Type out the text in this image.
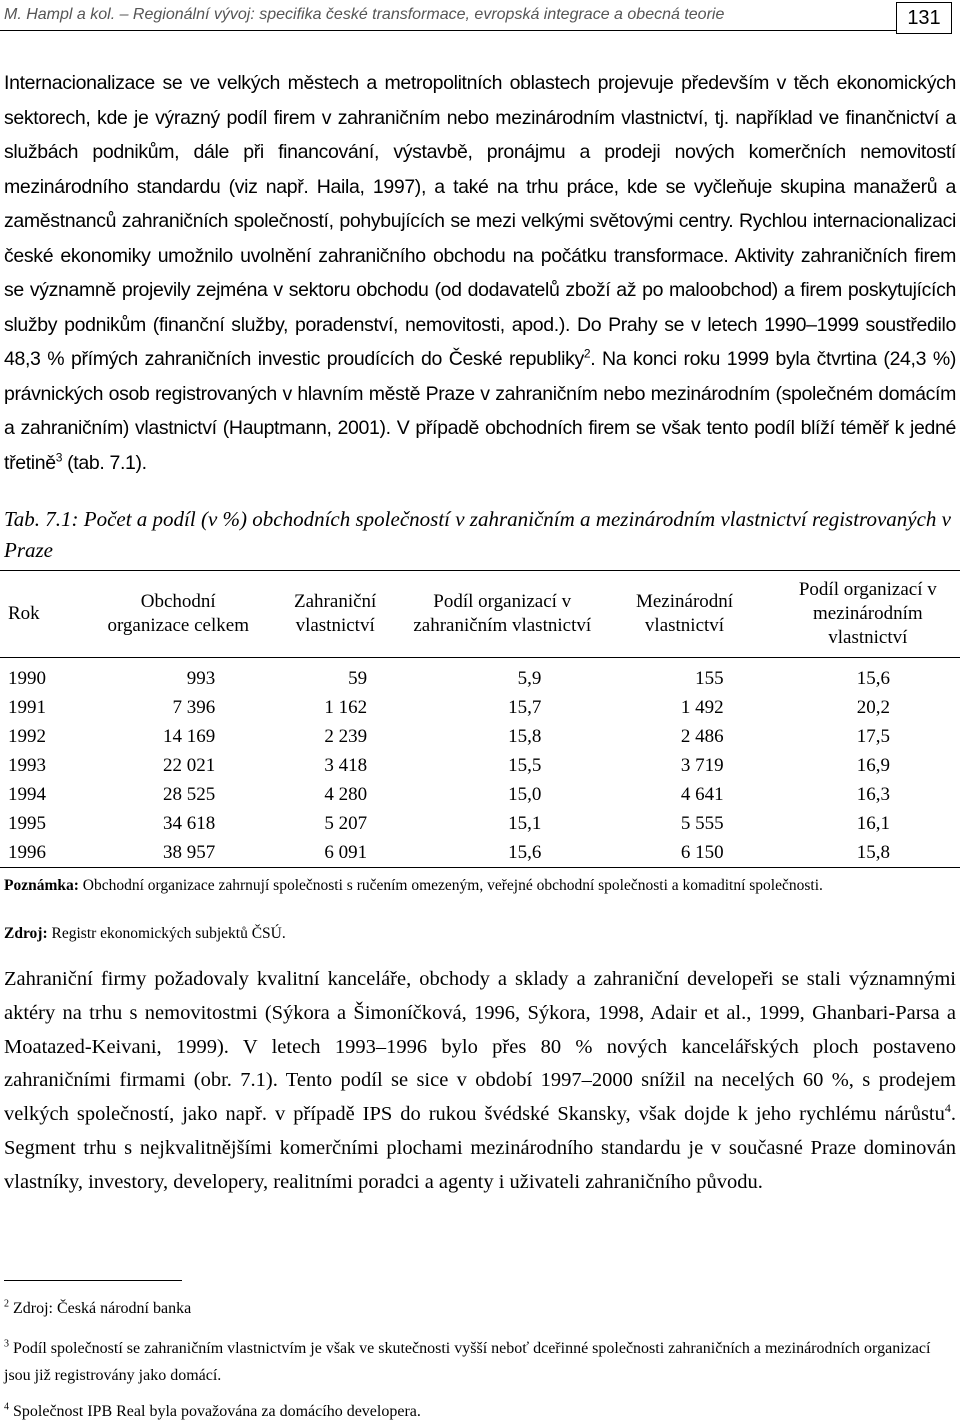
M. Hampl a kol. – Regionální vývoj: specifika české transformace, evropská integrace a obecná teorie	131

Internacionalizace se ve velkých městech a metropolitních oblastech projevuje především v těch ekonomických sektorech, kde je výrazný podíl firem v zahraničním nebo mezinárodním vlastnictví, tj. například ve finančnictví a službách podnikům, dále při financování, výstavbě, pronájmu a prodeji nových komerčních nemovitostí mezinárodního standardu (viz např. Haila, 1997), a také na trhu práce, kde se vyčleňuje skupina manažerů a zaměstnanců zahraničních společností, pohybujících se mezi velkými světovými centry. Rychlou internacionalizaci české ekonomiky umožnilo uvolnění zahraničního obchodu na počátku transformace. Aktivity zahraničních firem se významně projevily zejména v sektoru obchodu (od dodavatelů zboží až po maloobchod) a firem poskytujících služby podnikům (finanční služby, poradenství, nemovitosti, apod.). Do Prahy se v letech 1990–1999 soustředilo 48,3 % přímých zahraničních investic proudících do České republiky$^2$. Na konci roku 1999 byla čtvrtina (24,3 %) právnických osob registrovaných v hlavním městě Praze v zahraničním nebo mezinárodním (společném domácím a zahraničním) vlastnictví (Hauptmann, 2001). V případě obchodních firem se však tento podíl blíží téměř k jedné třetině$^3$ (tab. 7.1).

Tab. 7.1: Počet a podíl (v %) obchodních společností v zahraničním a mezinárodním vlastnictví registrovaných v Praze

Rok	Obchodní organizace celkem	Zahraniční vlastnictví	Podíl organizací v zahraničním vlastnictví	Mezinárodní vlastnictví	Podíl organizací v mezinárodním vlastnictví
1990	993	59	5,9	155	15,6
1991	7 396	1 162	15,7	1 492	20,2
1992	14 169	2 239	15,8	2 486	17,5
1993	22 021	3 418	15,5	3 719	16,9
1994	28 525	4 280	15,0	4 641	16,3
1995	34 618	5 207	15,1	5 555	16,1
1996	38 957	6 091	15,6	6 150	15,8

Poznámka: Obchodní organizace zahrnují společnosti s ručením omezeným, veřejné obchodní společnosti a komaditní společnosti.

Zdroj: Registr ekonomických subjektů ČSÚ.

Zahraniční firmy požadovaly kvalitní kanceláře, obchody a sklady a zahraniční developeři se stali významnými aktéry na trhu s nemovitostmi (Sýkora a Šimoníčková, 1996, Sýkora, 1998, Adair et al., 1999, Ghanbari-Parsa a Moatazed-Keivani, 1999). V letech 1993–1996 bylo přes 80 % nových kancelářských ploch postaveno zahraničními firmami (obr. 7.1). Tento podíl se sice v období 1997–2000 snížil na necelých 60 %, s prodejem velkých společností, jako např. v případě IPS do rukou švédské Skansky, však dojde k jeho rychlému nárůstu$^4$. Segment trhu s nejkvalitnějšími komerčními plochami mezinárodního standardu je v současné Praze dominován vlastníky, investory, developery, realitními poradci a agenty i uživateli zahraničního původu.

$^2$ Zdroj: Česká národní banka

$^3$ Podíl společností se zahraničním vlastnictvím je však ve skutečnosti vyšší neboť dceřinné společnosti zahraničních a mezinárodních organizací jsou již registrovány jako domácí.

$^4$ Společnost IPB Real byla považována za domácího developera.
